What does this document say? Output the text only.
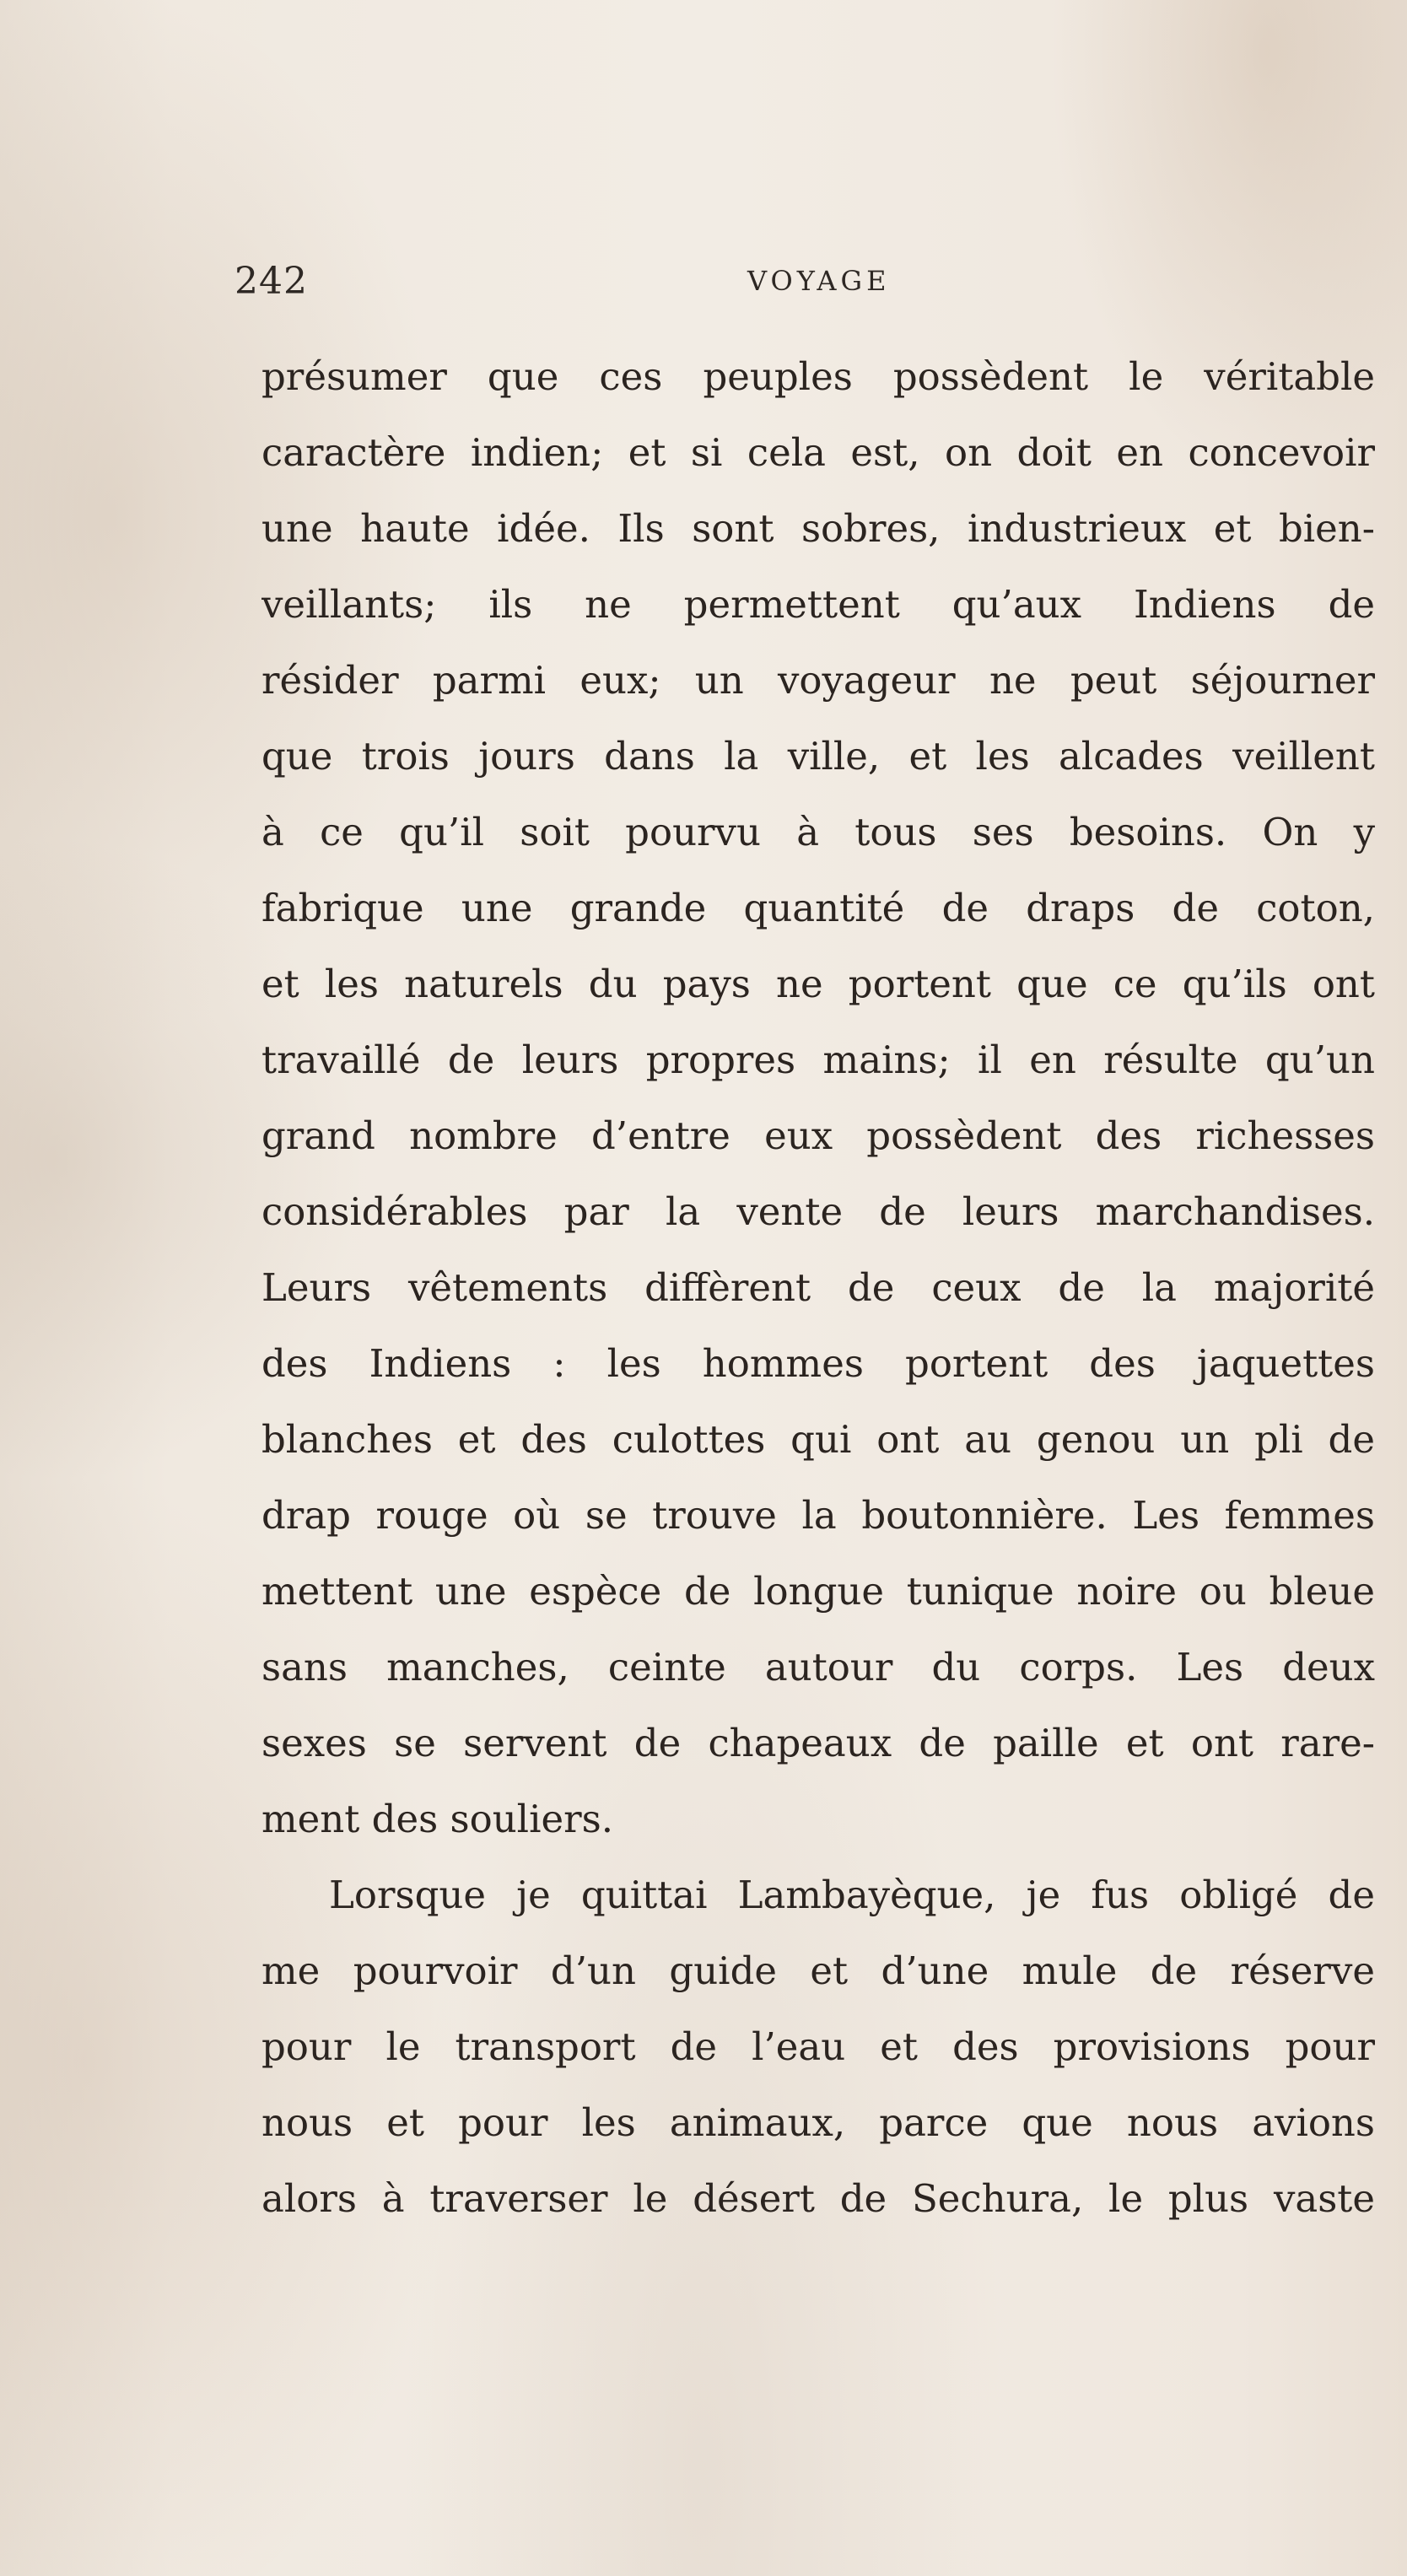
242	VOYAGE
présumer que ces peuples possèdent le véritable
caractère indien; et si cela est, on doit en concevoir
une haute idée. Ils sont sobres, industrieux et bien-
veillants; ils ne permettent qu’aux Indiens de
résider parmi eux; un voyageur ne peut séjourner
que trois jours dans la ville, et les alcades veillent
à ce qu’il soit pourvu à tous ses besoins. On y
fabrique une grande quantité de draps de coton,
et les naturels du pays ne portent que ce qu’ils ont
travaillé de leurs propres mains; il en résulte qu’un
grand nombre d’entre eux possèdent des richesses
considérables par la vente de leurs marchandises.
Leurs vêtements diffèrent de ceux de la majorité
des Indiens : les hommes portent des jaquettes
blanches et des culottes qui ont au genou un pli de
drap rouge où se trouve la boutonnière. Les femmes
mettent une espèce de longue tunique noire ou bleue
sans manches, ceinte autour du corps. Les deux
sexes se servent de chapeaux de paille et ont rare-
ment des souliers.
Lorsque je quittai Lambayèque, je fus obligé de
me pourvoir d’un guide et d’une mule de réserve
pour le transport de l’eau et des provisions pour
nous et pour les animaux, parce que nous avions
alors à traverser le désert de Sechura, le plus vaste
